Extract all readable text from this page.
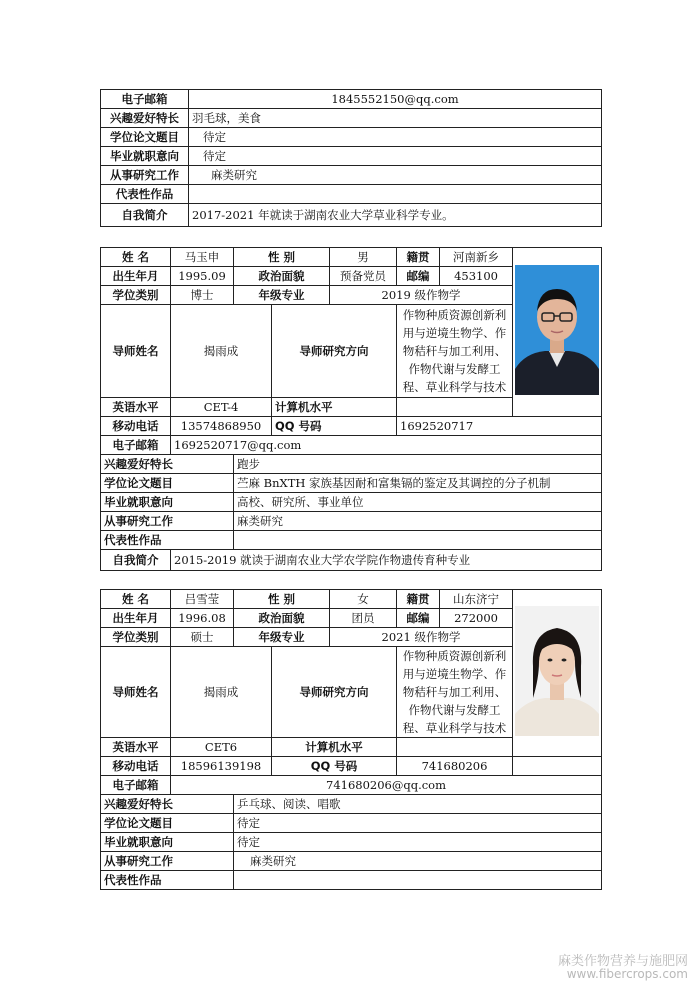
电子邮箱	1845552150@qq.com
兴趣爱好特长	羽毛球，美食
学位论文题目	待定
毕业就职意向	待定
从事研究工作	麻类研究
代表性作品	
自我简介	2017-2021 年就读于湖南农业大学草业科学专业。
姓 名	马玉申	性 别		男	籍贯	河南新乡	

出生年月	1995.09	政治面貌		预备党员	邮编	453100	
学位类别	博士	年级专业		2019 级作物学			
导师姓名	揭雨成		导师研究方向		作物种质资源创新利用与逆境生物学、作物秸秆与加工利用、作物代谢与发酵工程、草业科学与技术		
英语水平	CET-4		计算机水平				
移动电话	13574868950		QQ 号码		1692520717		
电子邮箱	1692520717@qq.com						
兴趣爱好特长		跑步					
学位论文题目		苎麻 BnXTH 家族基因耐和富集镉的鉴定及其调控的分子机制					
毕业就职意向		高校、研究所、事业单位					
从事研究工作		麻类研究					
代表性作品							
自我简介	2015-2019 就读于湖南农业大学农学院作物遗传育种专业						
姓 名	吕雪莹	性 别		女	籍贯	山东济宁	

出生年月	1996.08	政治面貌		团员	邮编	272000	
学位类别	硕士	年级专业		2021 级作物学			
导师姓名	揭雨成		导师研究方向		作物种质资源创新利用与逆境生物学、作物秸秆与加工利用、作物代谢与发酵工程、草业科学与技术		
英语水平	CET6		计算机水平				
移动电话	18596139198		QQ 号码		741680206		
电子邮箱	741680206@qq.com						
兴趣爱好特长		乒乓球、阅读、唱歌					
学位论文题目		待定					
毕业就职意向		待定					
从事研究工作		麻类研究					
代表性作品							
麻类作物营养与施肥网
www.fibercrops.com
